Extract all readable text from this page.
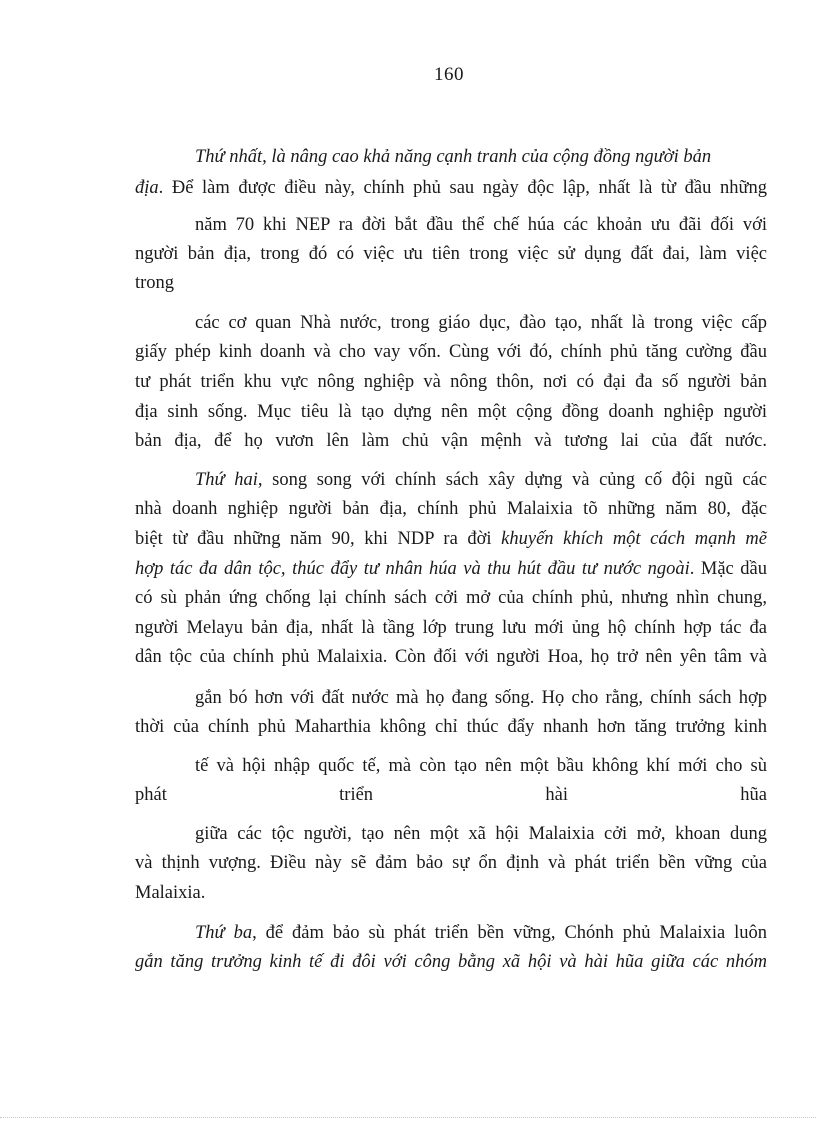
160

Thứ nhất, là nâng cao khả năng cạnh tranh của cộng đồng người bản

địa. Để làm được điều này, chính phủ sau ngày độc lập, nhất là từ đầu những

năm 70 khi NEP ra đời bắt đầu thể chế húa các khoản ưu đãi đối với

người bản địa, trong đó có việc ưu tiên trong việc sử dụng đất đai, làm việc

trong

các cơ quan Nhà nước, trong giáo dục, đào tạo, nhất là trong việc cấp

giấy phép kinh doanh và cho vay vốn. Cùng với đó, chính phủ tăng cường đầu

tư phát triển khu vực nông nghiệp và nông thôn, nơi có đại đa số người bản

địa sinh sống. Mục tiêu là tạo dựng nên một cộng đồng doanh nghiệp người

bản địa, để họ vươn lên làm chủ vận mệnh và tương lai của đất nước.

Thứ hai, song song với chính sách xây dựng và củng cố đội ngũ các

nhà doanh nghiệp người bản địa, chính phủ Malaixia tõ những năm 80, đặc

biệt từ đầu những năm 90, khi NDP ra đời khuyến khích một cách mạnh mẽ

hợp tác đa dân tộc, thúc đẩy tư nhân húa và thu hút đầu tư nước ngoài. Mặc dầu

có sù phản ứng chống lại chính sách cởi mở của chính phủ, nhưng nhìn chung,

người Melayu bản địa, nhất là tầng lớp trung lưu mới ủng hộ chính hợp tác đa

dân tộc của chính phủ Malaixia. Còn đối với người Hoa, họ trở nên yên tâm và

gắn bó hơn với đất nước mà họ đang sống. Họ cho rằng, chính sách hợp

thời của chính phủ Maharthia không chỉ thúc đẩy nhanh hơn tăng trưởng kinh

tế và hội nhập quốc tế, mà còn tạo nên một bầu không khí mới cho sù

phát triển hài hũa

giữa các tộc người, tạo nên một xã hội Malaixia cởi mở, khoan dung

và thịnh vượng. Điều này sẽ đảm bảo sự ổn định và phát triển bền vững của

Malaixia.

Thứ ba, để đảm bảo sù phát triển bền vững, Chónh phủ Malaixia luôn

gắn tăng trưởng kinh tế đi đôi với công bằng xã hội và hài hũa giữa các nhóm
